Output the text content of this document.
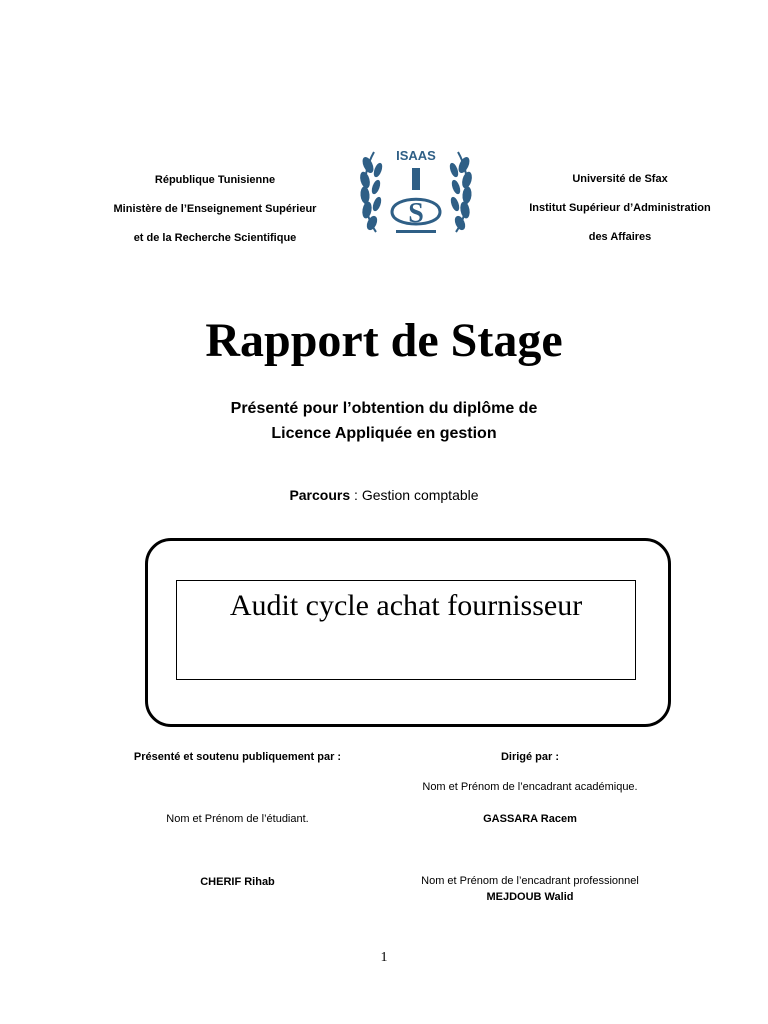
République Tunisienne
Ministère de l’Enseignement Supérieur
et de la Recherche Scientifique
ISAAS
S
Université de Sfax
Institut Supérieur d’Administration
des Affaires
Rapport de Stage
Présenté pour l’obtention du diplôme de
Licence Appliquée en gestion
Parcours : Gestion comptable
Audit cycle achat fournisseur
Présenté et soutenu publiquement par :
Nom et Prénom de l’étudiant.
CHERIF Rihab
Dirigé par :
Nom et Prénom de l’encadrant académique.
GASSARA Racem
Nom et Prénom de l’encadrant professionnel
MEJDOUB Walid
1
